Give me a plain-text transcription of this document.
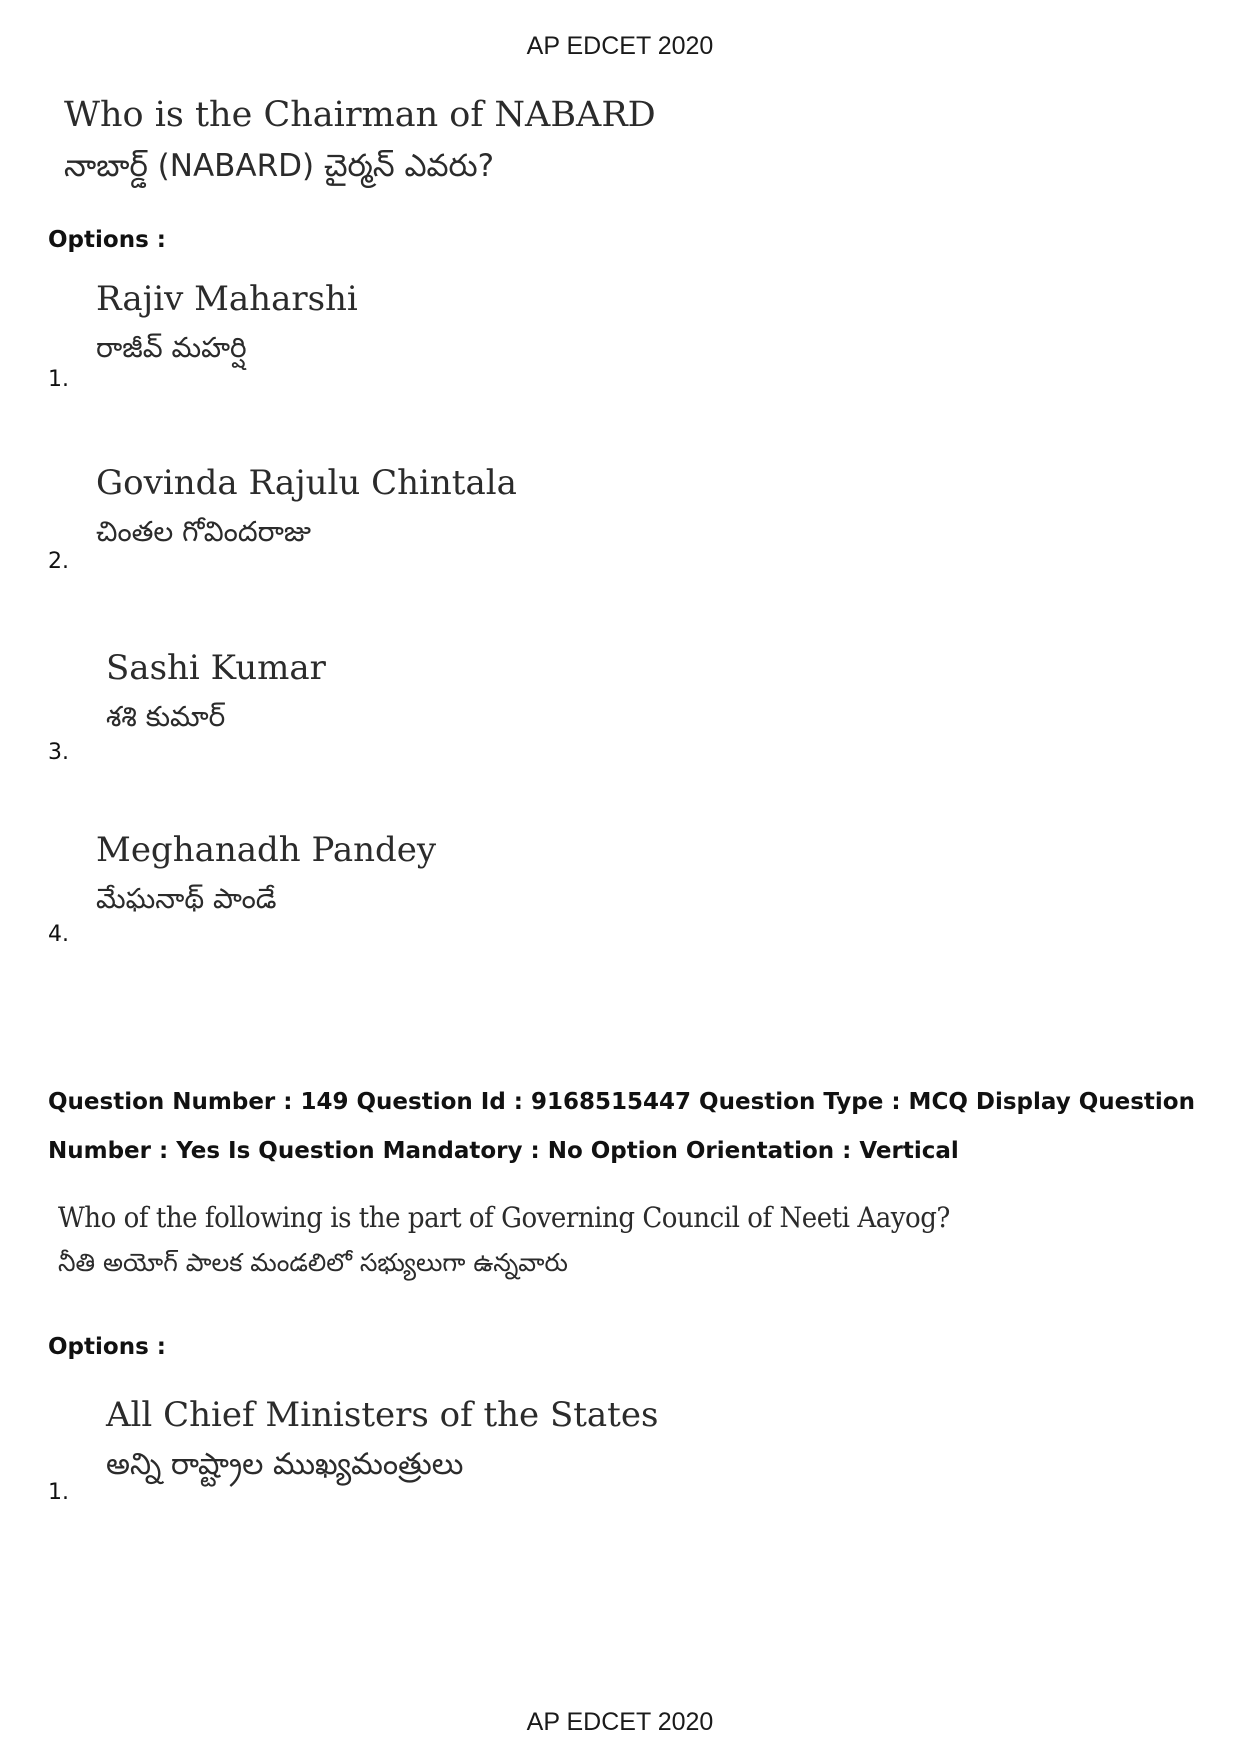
AP EDCET 2020
Who is the Chairman of NABARD
నాబార్డ్ (NABARD) చైర్మన్ ఎవరు?
Options :
Rajiv Maharshi
రాజీవ్ మహర్షి
1.
Govinda Rajulu Chintala
చింతల గోవిందరాజు
2.
Sashi Kumar
శశి కుమార్
3.
Meghanadh Pandey
మేఘనాథ్ పాండే
4.
Question Number : 149 Question Id : 9168515447 Question Type : MCQ Display Question
Number : Yes Is Question Mandatory : No Option Orientation : Vertical
Who of the following is the part of Governing Council of Neeti Aayog?
నీతి అయోగ్ పాలక మండలిలో సభ్యులుగా ఉన్నవారు
Options :
All Chief Ministers of the States
అన్ని రాష్ట్రాల ముఖ్యమంత్రులు
1.
AP EDCET 2020
